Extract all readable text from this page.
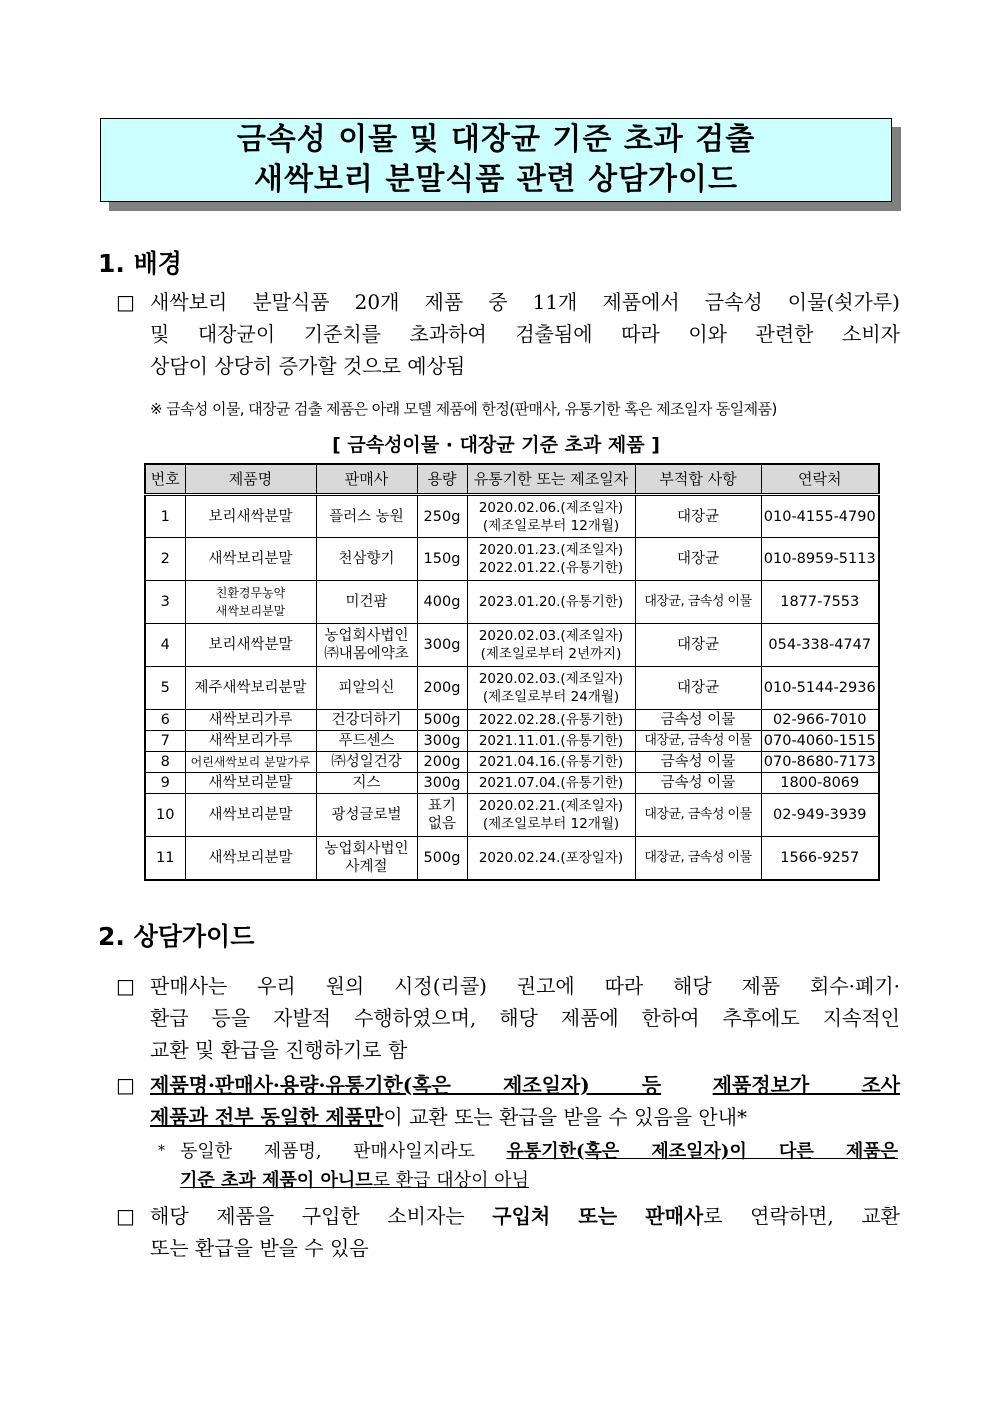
금속성 이물 및 대장균 기준 초과 검출
새싹보리 분말식품 관련 상담가이드
1. 배경
□ 새싹보리 분말식품 20개 제품 중 11개 제품에서 금속성 이물(쇳가루)
및 대장균이 기준치를 초과하여 검출됨에 따라 이와 관련한 소비자
상담이 상당히 증가할 것으로 예상됨
※ 금속성 이물, 대장균 검출 제품은 아래 모델 제품에 한정(판매사, 유통기한 혹은 제조일자 동일제품)
[ 금속성이물 · 대장균 기준 초과 제품 ]
번호	제품명	판매사	용량	유통기한 또는 제조일자	부적합 사항	연락처
1	보리새싹분말	플러스 농원	250g	2020.02.06.(제조일자)
(제조일로부터 12개월)	대장균	010-4155-4790
2	새싹보리분말	천삼향기	150g	2020.01.23.(제조일자)
2022.01.22.(유통기한)	대장균	010-8959-5113
3	친환경무농약
새싹보리분말	미건팜	400g	2023.01.20.(유통기한)	대장균, 금속성 이물	1877-7553
4	보리새싹분말	농업회사법인
㈜내몸에약초	300g	2020.02.03.(제조일자)
(제조일로부터 2년까지)	대장균	054-338-4747
5	제주새싹보리분말	피알의신	200g	2020.02.03.(제조일자)
(제조일로부터 24개월)	대장균	010-5144-2936
6	새싹보리가루	건강더하기	500g	2022.02.28.(유통기한)	금속성 이물	02-966-7010
7	새싹보리가루	푸드센스	300g	2021.11.01.(유통기한)	대장균, 금속성 이물	070-4060-1515
8	어린새싹보리 분말가루	㈜성일건강	200g	2021.04.16.(유통기한)	금속성 이물	070-8680-7173
9	새싹보리분말	지스	300g	2021.07.04.(유통기한)	금속성 이물	1800-8069
10	새싹보리분말	광성글로벌	표기
없음	2020.02.21.(제조일자)
(제조일로부터 12개월)	대장균, 금속성 이물	02-949-3939
11	새싹보리분말	농업회사법인
사계절	500g	2020.02.24.(포장일자)	대장균, 금속성 이물	1566-9257
2. 상담가이드
□ 판매사는 우리 원의 시정(리콜) 권고에 따라 해당 제품 회수·폐기·
환급 등을 자발적 수행하였으며, 해당 제품에 한하여 추후에도 지속적인
교환 및 환급을 진행하기로 함
□ 제품명·판매사·용량·유통기한(혹은 제조일자) 등	제품정보가 조사
제품과 전부 동일한 제품만이 교환 또는 환급을 받을 수 있음을 안내*
* 동일한 제품명, 판매사일지라도 유통기한(혹은 제조일자)이 다른 제품은
기준 초과 제품이 아니므로 환급 대상이 아님
□ 해당 제품을 구입한 소비자는 구입처 또는 판매사로 연락하면, 교환
또는 환급을 받을 수 있음
